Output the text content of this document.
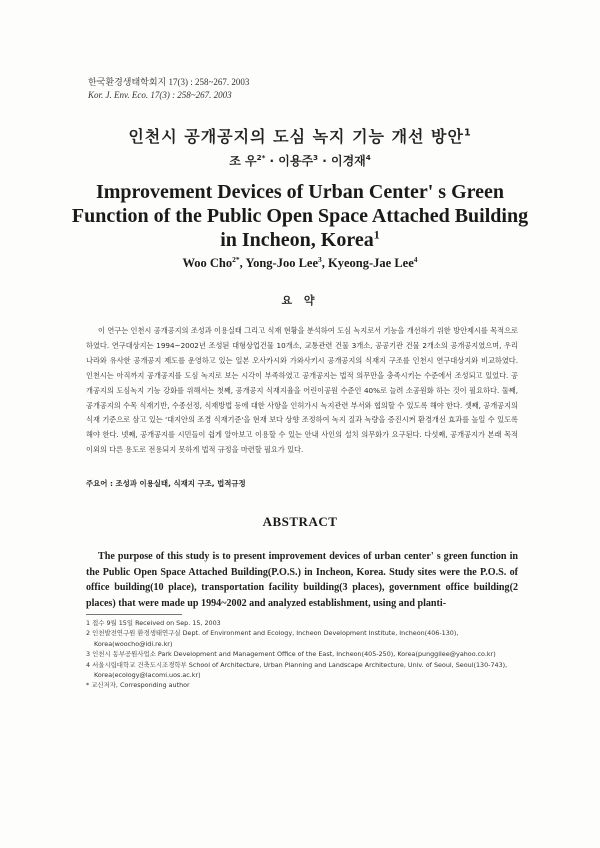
한국환경생태학회지 17(3) : 258~267. 2003
Kor. J. Env. Eco. 17(3) : 258~267. 2003
인천시 공개공지의 도심 녹지 기능 개선 방안$^1$
조 우$^{2*}$ · 이용주$^3$ · 이경재$^4$
Improvement Devices of Urban Center' s Green Function of the Public Open Space Attached Building in Incheon, Korea$^1$
Woo Cho$^{2*}$, Yong-Joo Lee$^3$, Kyeong-Jae Lee$^4$
요 약
이 연구는 인천시 공개공지의 조성과 이용실태 그리고 식재 현황을 분석하여 도심 녹지로서 기능을 개선하기 위한 방안제시를 목적으로 하였다. 연구대상지는 1994~2002년 조성된 대형상업건물 10개소, 교통관련 건물 3개소, 공공기관 건물 2개소의 공개공지였으며, 우리나라와 유사한 공개공지 제도를 운영하고 있는 일본 오사카시와 가와사키시 공개공지의 식재지 구조를 인천시 연구대상지와 비교하였다. 인천시는 아직까지 공개공지를 도심 녹지로 보는 시각이 부족하였고 공개공지는 법적 의무만을 충족시키는 수준에서 조성되고 있었다. 공개공지의 도심녹지 기능 강화를 위해서는 첫째, 공개공지 식재지율을 어린이공원 수준인 40%로 늘려 소공원화 하는 것이 필요하다. 둘째, 공개공지의 수목 식재기반, 수종선정, 식재방법 등에 대한 사항을 인허가시 녹지관련 부서와 협의할 수 있도록 해야 한다. 셋째, 공개공지의 식재 기준으로 삼고 있는 '대지안의 조경 식재기준'을 현재 보다 상향 조정하여 녹지 질과 녹량을 증진시켜 환경개선 효과를 높일 수 있도록 해야 한다. 넷째, 공개공지를 시민들이 쉽게 알아보고 이용할 수 있는 안내 사인의 설치 의무화가 요구된다. 다섯째, 공개공지가 본래 목적 이외의 다른 용도로 전용되지 못하게 법적 규정을 마련할 필요가 있다.
주요어 : 조성과 이용실태, 식재지 구조, 법적규정
ABSTRACT
The purpose of this study is to present improvement devices of urban center' s green function in the Public Open Space Attached Building(P.O.S.) in Incheon, Korea. Study sites were the P.O.S. of office building(10 place), transportation facility building(3 places), government office building(2 places) that were made up 1994~2002 and analyzed establishment, using and planti-
1 접수 9월 15일 Received on Sep. 15, 2003
2 인천발전연구원 환경생태연구실 Dept. of Environment and Ecology, Incheon Development Institute, Incheon(406-130), Korea(woocho@idi.re.kr)
3 인천시 동부공원사업소 Park Development and Management Office of the East, Incheon(405-250), Korea(punggilee@yahoo.co.kr)
4 서울시립대학교 건축도시조경학부 School of Architecture, Urban Planning and Landscape Architecture, Univ. of Seoul, Seoul(130-743), Korea(ecology@lacomi.uos.ac.kr)
* 교신저자, Corresponding author
